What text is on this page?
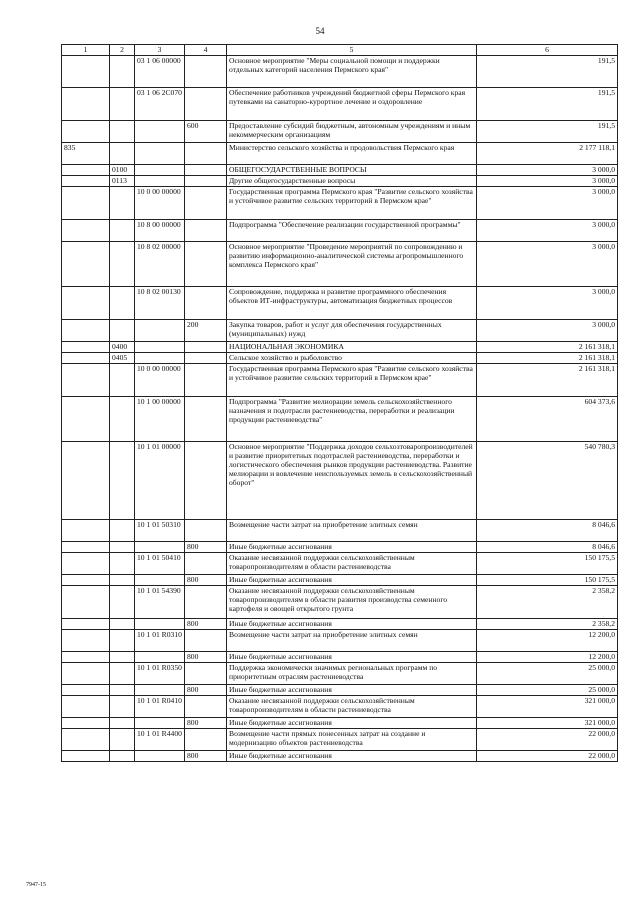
54
1	2	3	4	5	6
		03 1 06 00000		Основное мероприятие "Меры социальной помощи и поддержки отдельных категорий населения Пермского края"	191,5
		03 1 06 2С070		Обеспечение работников учреждений бюджетной сферы Пермского края путевками на санаторно-курортное лечение и оздоровление	191,5
			600	Предоставление субсидий бюджетным, автономным учреждениям и иным некоммерческим организациям	191,5
835				Министерство сельского хозяйства и продовольствия Пермского края	2 177 118,1
	0100			ОБЩЕГОСУДАРСТВЕННЫЕ ВОПРОСЫ	3 000,0
	0113			Другие общегосударственные вопросы	3 000,0
		10 0 00 00000		Государственная программа Пермского края "Развитие сельского хозяйства и устойчивое развитие сельских территорий в Пермском крае"	3 000,0
		10 8 00 00000		Подпрограмма "Обеспечение реализации государственной программы"	3 000,0
		10 8 02 00000		Основное мероприятие "Проведение мероприятий по сопровождению и развитию информационно-аналитической системы агропромышленного комплекса Пермского края"	3 000,0
		10 8 02 00130		Сопровождение, поддержка и развитие программного обеспечения объектов ИТ-инфраструктуры, автоматизация бюджетных процессов	3 000,0
			200	Закупка товаров, работ и услуг для обеспечения государственных (муниципальных) нужд	3 000,0
	0400			НАЦИОНАЛЬНАЯ ЭКОНОМИКА	2 161 318,1
	0405			Сельское хозяйство и рыболовство	2 161 318,1
		10 0 00 00000		Государственная программа Пермского края "Развитие сельского хозяйства и устойчивое развитие сельских территорий в Пермском крае"	2 161 318,1
		10 1 00 00000		Подпрограмма "Развитие мелиорации земель сельскохозяйственного назначения и подотрасли растениеводства, переработки и реализации продукции растениеводства"	604 373,6
		10 1 01 00000		Основное мероприятие "Поддержка доходов сельхозтоваропроизводителей и развитие приоритетных подотраслей растениеводства, переработки и логистического обеспечения рынков продукции растениеводства. Развитие мелиорации и вовлечение неиспользуемых земель в сельскохозяйственный оборот"	540 780,3
		10 1 01 50310		Возмещение части затрат на приобретение элитных семян	8 046,6
			800	Иные бюджетные ассигнования	8 046,6
		10 1 01 50410		Оказание несвязанной поддержки сельскохозяйственным товаропроизводителям в области растениеводства	150 175,5
			800	Иные бюджетные ассигнования	150 175,5
		10 1 01 54390		Оказание несвязанной поддержки сельскохозяйственным товаропроизводителям в области развития производства семенного картофеля и овощей открытого грунта	2 358,2
			800	Иные бюджетные ассигнования	2 358,2
		10 1 01 R0310		Возмещение части затрат на приобретение элитных семян	12 200,0
			800	Иные бюджетные ассигнования	12 200,0
		10 1 01 R0350		Поддержка экономически значимых региональных программ по приоритетным отраслям растениеводства	25 000,0
			800	Иные бюджетные ассигнования	25 000,0
		10 1 01 R0410		Оказание несвязанной поддержки сельскохозяйственным товаропроизводителям в области растениеводства	321 000,0
			800	Иные бюджетные ассигнования	321 000,0
		10 1 01 R4400		Возмещение части прямых понесенных затрат на создание и модернизацию объектов растениеводства	22 000,0
			800	Иные бюджетные ассигнования	22 000,0
7947-15
